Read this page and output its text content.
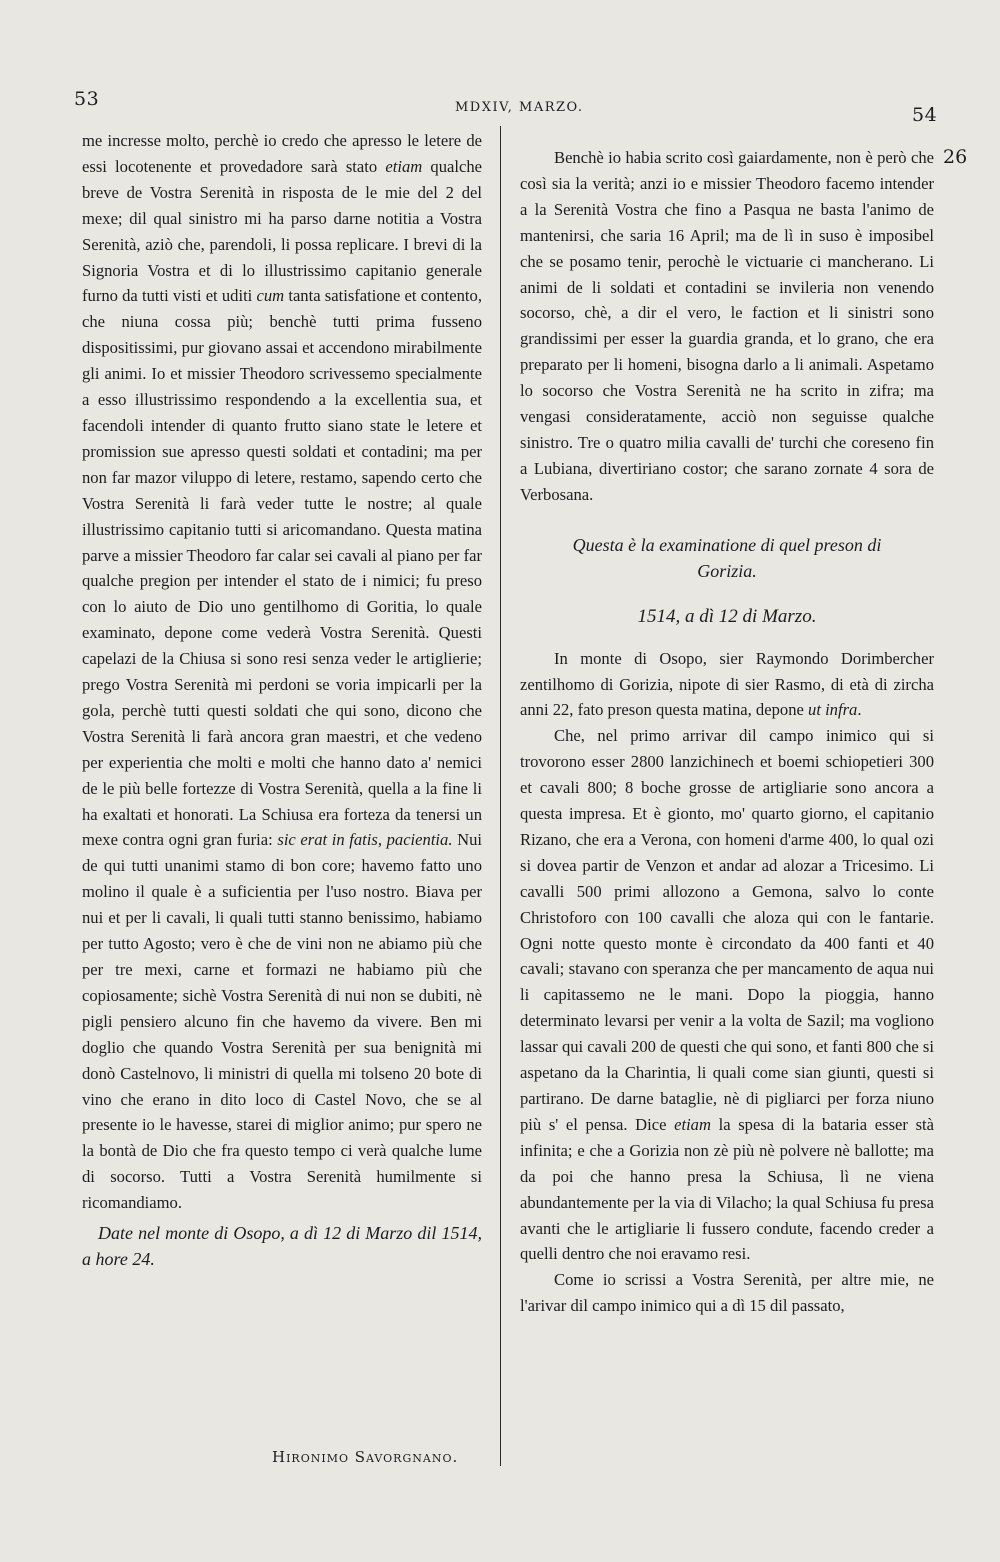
53	MDXIV, MARZO.	54
26

me incresse molto, perchè io credo che apresso le letere de essi locotenente et provedadore sarà stato etiam qualche breve de Vostra Serenità in risposta de le mie del 2 del mexe; dil qual sinistro mi ha parso darne notitia a Vostra Serenità, aziò che, parendoli, li possa replicare. I brevi di la Signoria Vostra et di lo illustrissimo capitanio generale furno da tutti visti et uditi cum tanta satisfatione et contento, che niuna cossa più; benchè tutti prima fusseno dispositissimi, pur giovano assai et accendono mirabilmente gli animi. Io et missier Theodoro scrivessemo specialmente a esso illustrissimo respondendo a la excellentia sua, et facendoli intender di quanto frutto siano state le letere et promission sue apresso questi soldati et contadini; ma per non far mazor viluppo di letere, restamo, sapendo certo che Vostra Serenità li farà veder tutte le nostre; al quale illustrissimo capitanio tutti si aricomandano. Questa matina parve a missier Theodoro far calar sei cavali al piano per far qualche pregion per intender el stato de i nimici; fu preso con lo aiuto de Dio uno gentilhomo di Goritia, lo quale examinato, depone come vederà Vostra Serenità. Questi capelazi de la Chiusa si sono resi senza veder le artiglierie; prego Vostra Serenità mi perdoni se voria impicarli per la gola, perchè tutti questi soldati che qui sono, dicono che Vostra Serenità li farà ancora gran maestri, et che vedeno per experientia che molti e molti che hanno dato a' nemici de le più belle fortezze di Vostra Serenità, quella a la fine li ha exaltati et honorati. La Schiusa era forteza da tenersi un mexe contra ogni gran furia: sic erat in fatis, pacientia. Nui de qui tutti unanimi stamo di bon core; havemo fatto uno molino il quale è a suficientia per l'uso nostro. Biava per nui et per li cavali, li quali tutti stanno benissimo, habiamo per tutto Agosto; vero è che de vini non ne abiamo più che per tre mexi, carne et formazi ne habiamo più che copiosamente; sichè Vostra Serenità di nui non se dubiti, nè pigli pensiero alcuno fin che havemo da vivere. Ben mi doglio che quando Vostra Serenità per sua benignità mi donò Castelnovo, li ministri di quella mi tolseno 20 bote di vino che erano in dito loco di Castel Novo, che se al presente io le havesse, starei di miglior animo; pur spero ne la bontà de Dio che fra questo tempo ci verà qualche lume di socorso. Tutti a Vostra Serenità humilmente si ricomandiamo.

Date nel monte di Osopo, a dì 12 di Marzo dil 1514, a hore 24.

Hironimo Savorgnano.

Benchè io habia scrito così gaiardamente, non è però che così sia la verità; anzi io e missier Theodoro facemo intender a la Serenità Vostra che fino a Pasqua ne basta l'animo de mantenirsi, che saria 16 April; ma de lì in suso è imposibel che se posamo tenir, perochè le victuarie ci mancherano. Li animi de li soldati et contadini se invileria non venendo socorso, chè, a dir el vero, le faction et li sinistri sono grandissimi per esser la guardia granda, et lo grano, che era preparato per li homeni, bisogna darlo a li animali. Aspetamo lo socorso che Vostra Serenità ne ha scrito in zifra; ma vengasi consideratamente, acciò non seguisse qualche sinistro. Tre o quatro milia cavalli de' turchi che coreseno fin a Lubiana, divertiriano costor; che sarano zornate 4 sora de Verbosana.

Questa è la examinatione di quel preson di Gorizia.

1514, a dì 12 di Marzo.

In monte di Osopo, sier Raymondo Dorimbercher zentilhomo di Gorizia, nipote di sier Rasmo, di età di zircha anni 22, fato preson questa matina, depone ut infra.

Che, nel primo arrivar dil campo inimico qui si trovorono esser 2800 lanzichinech et boemi schiopetieri 300 et cavali 800; 8 boche grosse de artigliarie sono ancora a questa impresa. Et è gionto, mo' quarto giorno, el capitanio Rizano, che era a Verona, con homeni d'arme 400, lo qual ozi si dovea partir de Venzon et andar ad alozar a Tricesimo. Li cavalli 500 primi allozono a Gemona, salvo lo conte Christoforo con 100 cavalli che aloza qui con le fantarie. Ogni notte questo monte è circondato da 400 fanti et 40 cavali; stavano con speranza che per mancamento de aqua nui li capitassemo ne le mani. Dopo la pioggia, hanno determinato levarsi per venir a la volta de Sazil; ma vogliono lassar qui cavali 200 de questi che qui sono, et fanti 800 che si aspetano da la Charintia, li quali come sian giunti, questi si partirano. De darne bataglie, nè di pigliarci per forza niuno più s' el pensa. Dice etiam la spesa di la bataria esser stà infinita; e che a Gorizia non zè più nè polvere nè ballotte; ma da poi che hanno presa la Schiusa, lì ne viena abundantemente per la via di Vilacho; la qual Schiusa fu presa avanti che le artigliarie li fussero condute, facendo creder a quelli dentro che noi eravamo resi.

Come io scrissi a Vostra Serenità, per altre mie, ne l'arivar dil campo inimico qui a dì 15 dil passato,
